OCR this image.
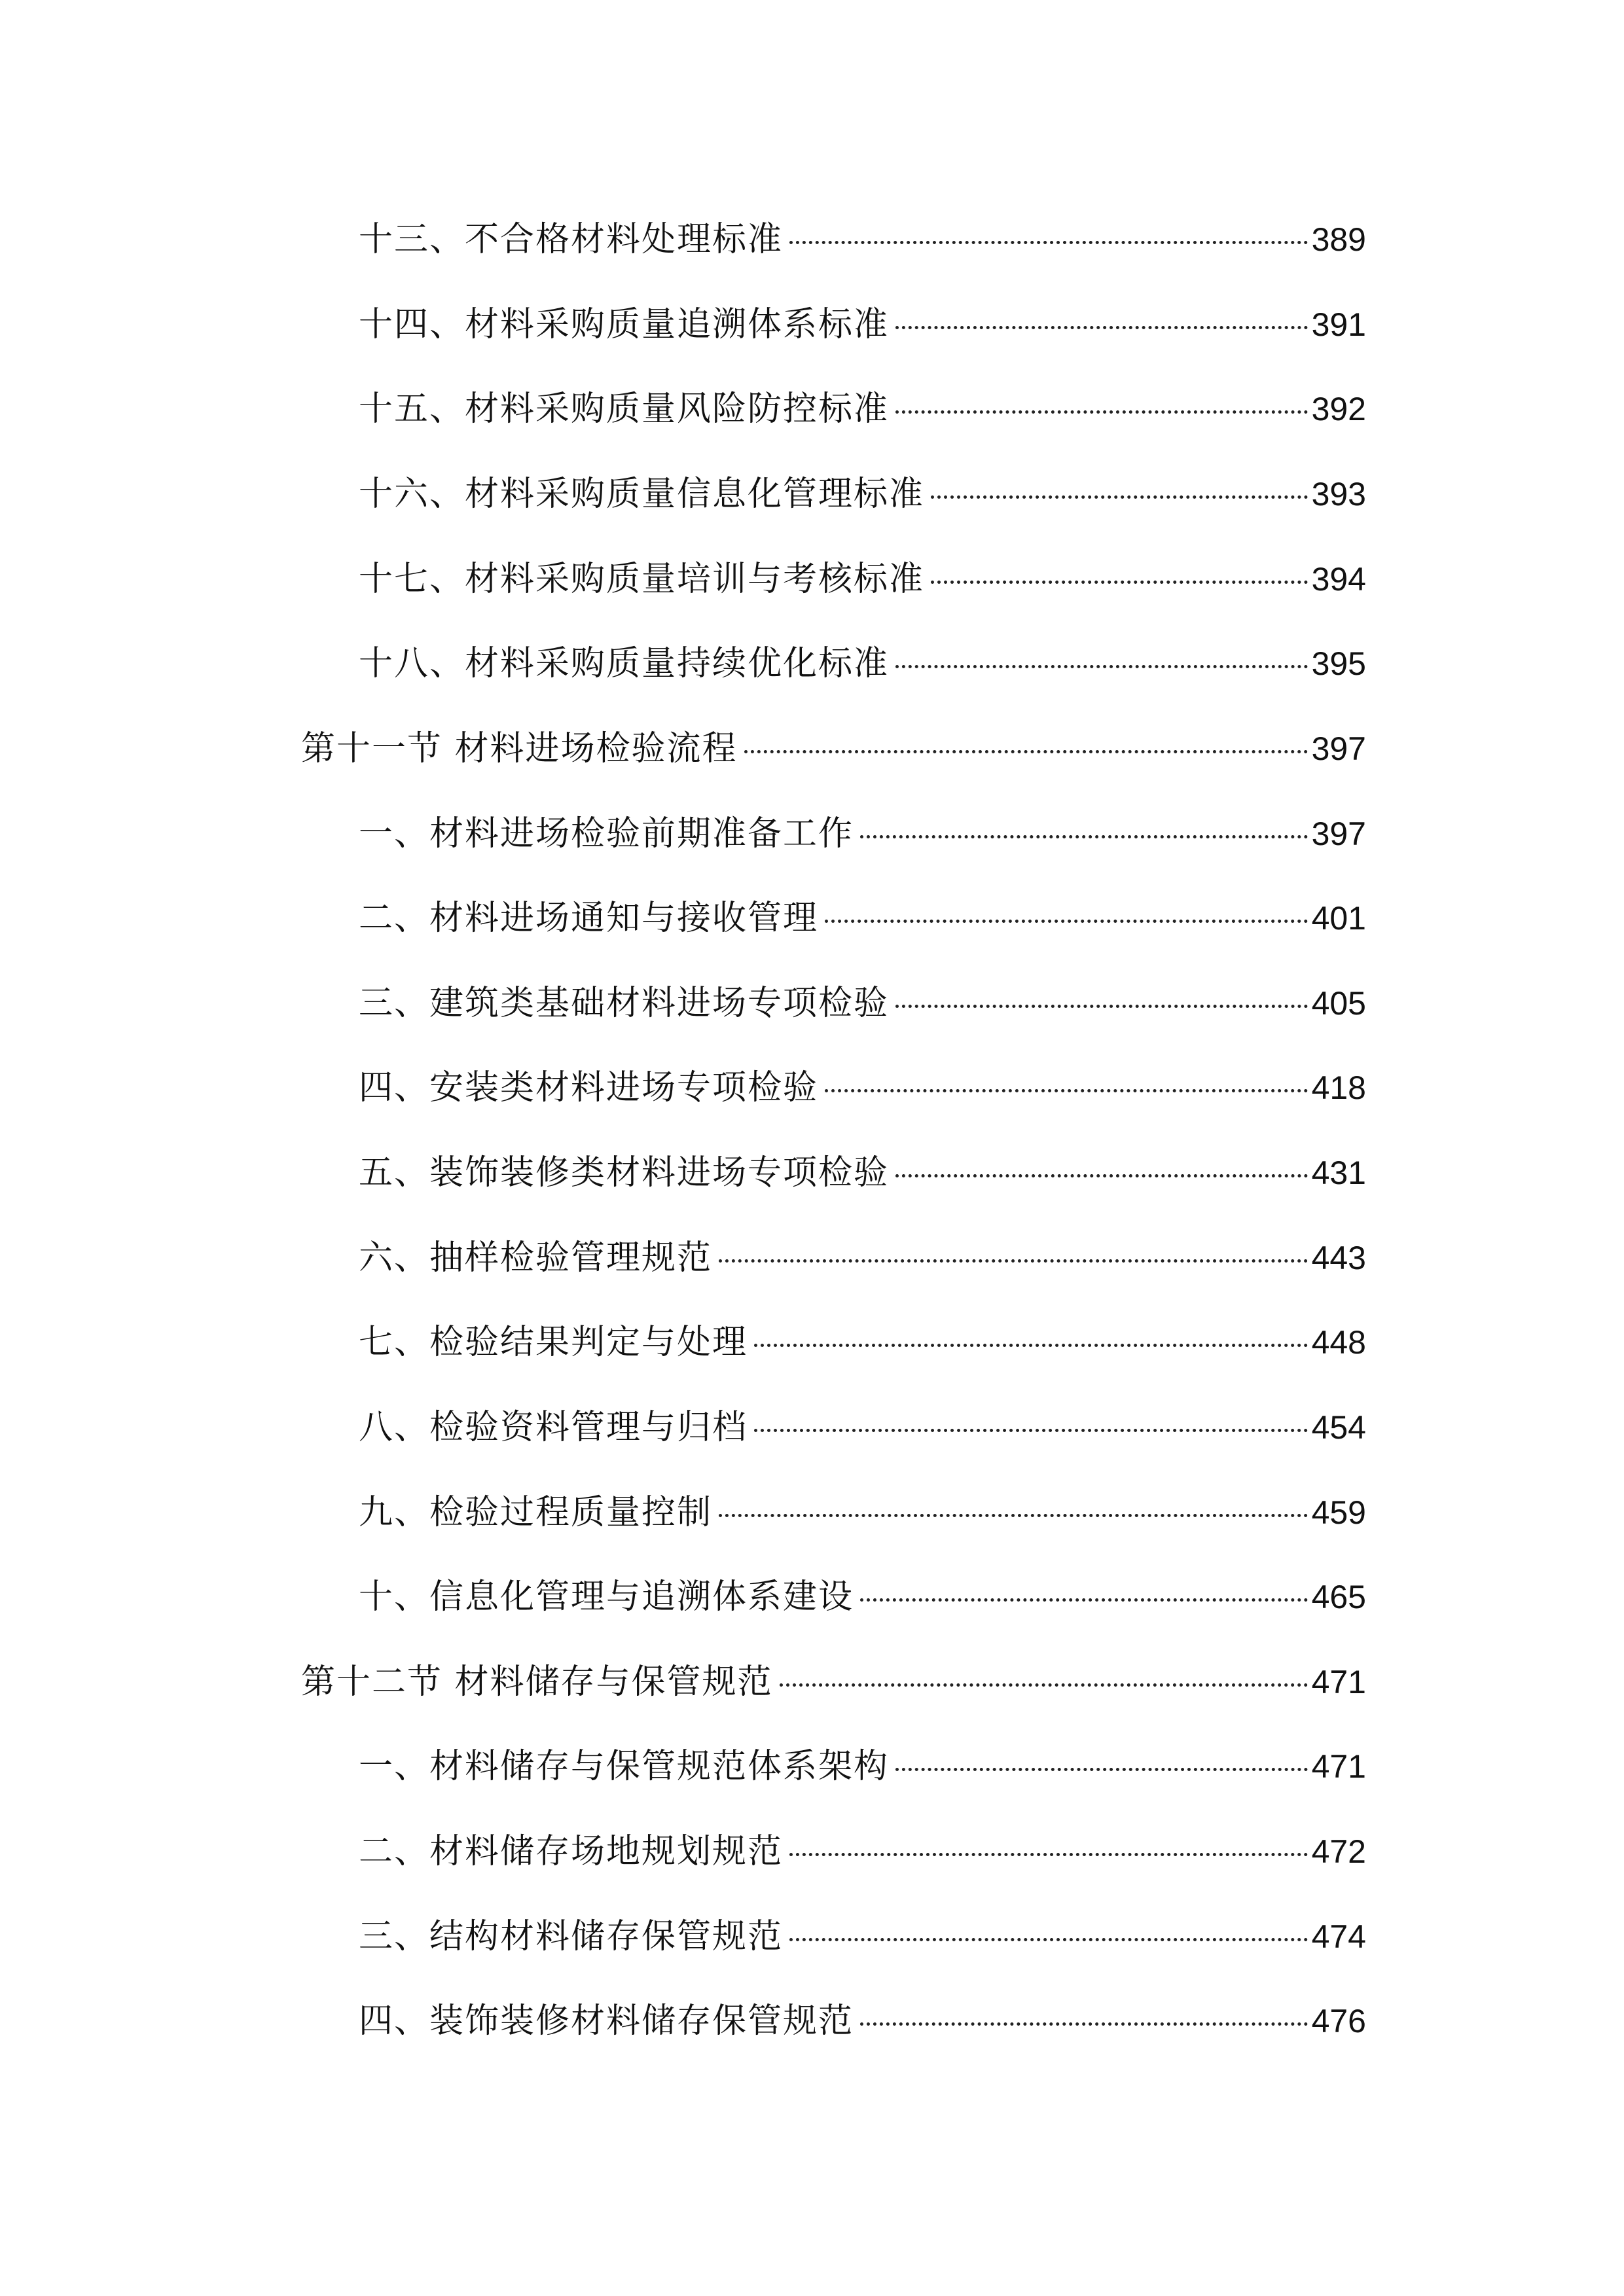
十三、不合格材料处理标准	389
十四、材料采购质量追溯体系标准	391
十五、材料采购质量风险防控标准	392
十六、材料采购质量信息化管理标准	393
十七、材料采购质量培训与考核标准	394
十八、材料采购质量持续优化标准	395
第十一节 材料进场检验流程	397
一、材料进场检验前期准备工作	397
二、材料进场通知与接收管理	401
三、建筑类基础材料进场专项检验	405
四、安装类材料进场专项检验	418
五、装饰装修类材料进场专项检验	431
六、抽样检验管理规范	443
七、检验结果判定与处理	448
八、检验资料管理与归档	454
九、检验过程质量控制	459
十、信息化管理与追溯体系建设	465
第十二节 材料储存与保管规范	471
一、材料储存与保管规范体系架构	471
二、材料储存场地规划规范	472
三、结构材料储存保管规范	474
四、装饰装修材料储存保管规范	476
